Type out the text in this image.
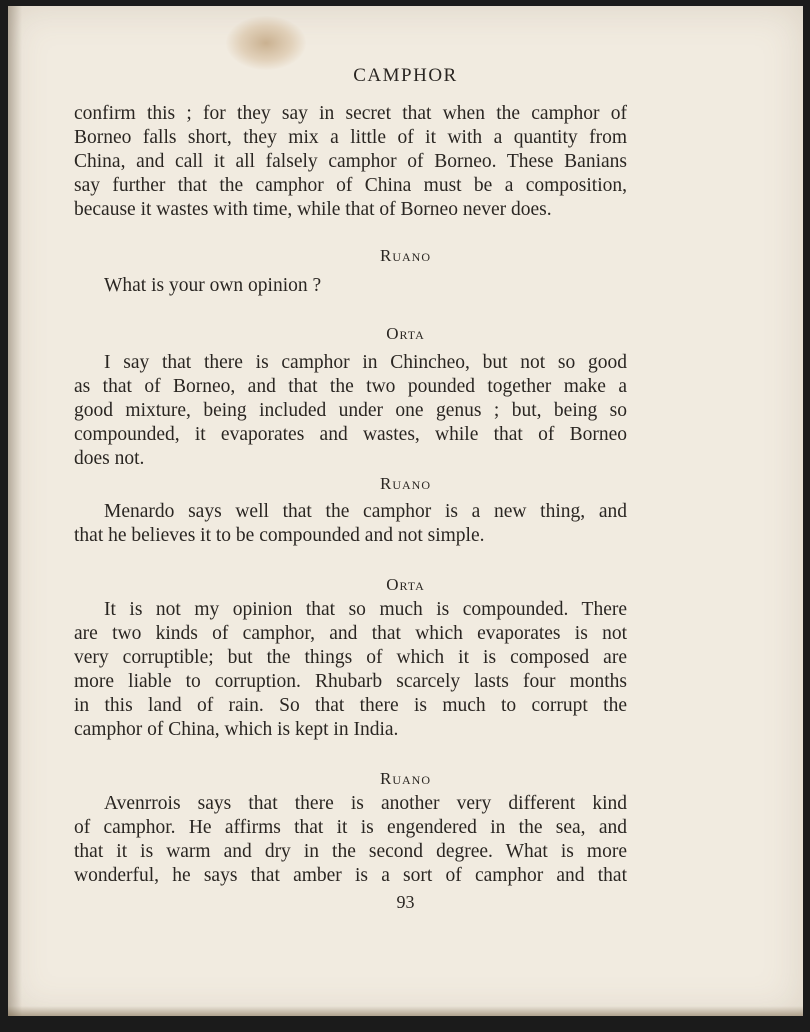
CAMPHOR
confirm this ; for they say in secret that when the camphor of
Borneo falls short, they mix a little of it with a quantity from
China, and call it all falsely camphor of Borneo. These Banians
say further that the camphor of China must be a composition,
because it wastes with time, while that of Borneo never does.
Ruano
What is your own opinion ?
Orta
I say that there is camphor in Chincheo, but not so good
as that of Borneo, and that the two pounded together make a
good mixture, being included under one genus ; but, being so
compounded, it evaporates and wastes, while that of Borneo
does not.
Ruano
Menardo says well that the camphor is a new thing, and
that he believes it to be compounded and not simple.
Orta
It is not my opinion that so much is compounded. There
are two kinds of camphor, and that which evaporates is not
very corruptible; but the things of which it is composed are
more liable to corruption. Rhubarb scarcely lasts four months
in this land of rain. So that there is much to corrupt the
camphor of China, which is kept in India.
Ruano
Avenrrois says that there is another very different kind
of camphor. He affirms that it is engendered in the sea, and
that it is warm and dry in the second degree. What is more
wonderful, he says that amber is a sort of camphor and that
93
